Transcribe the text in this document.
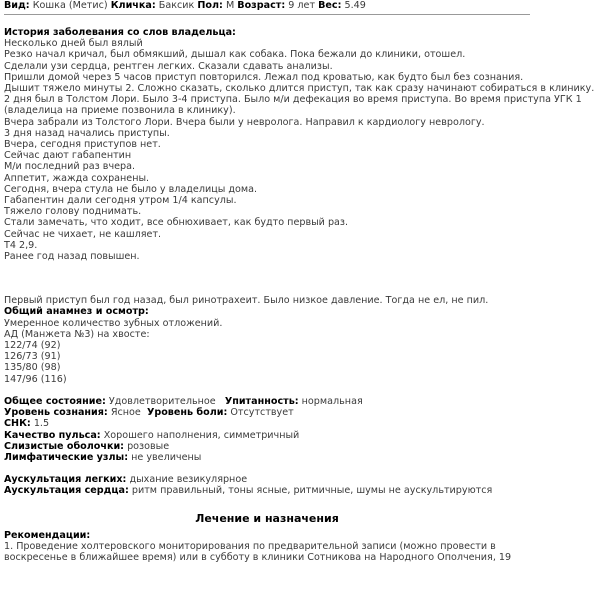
Вид: Кошка (Метис) Кличка: Баксик Пол: М Возраст: 9 лет Вес: 5.49
История заболевания со слов владельца:
Несколько дней был вялый
Резко начал кричал, был обмякший, дышал как собака. Пока бежали до клиники, отошел.
Сделали узи сердца, рентген легких. Сказали сдавать анализы.
Пришли домой через 5 часов приступ повторился. Лежал под кроватью, как будто был без сознания.
Дышит тяжело минуты 2. Сложно сказать, сколько длится приступ, так как сразу начинают собираться в клинику.
2 дня был в Толстом Лори. Было 3-4 приступа. Было м/и дефекация во время приступа. Во время приступа УГК 1
(владелица на приеме позвонила в клинику).
Вчера забрали из Толстого Лори. Вчера были у невролога. Направил к кардиологу неврологу.
3 дня назад начались приступы.
Вчера, сегодня приступов нет.
Сейчас дают габапентин
М/и последний раз вчера.
Аппетит, жажда сохранены.
Сегодня, вчера стула не было у владелицы дома.
Габапентин дали сегодня утром 1/4 капсулы.
Тяжело голову поднимать.
Стали замечать, что ходит, все обнюхивает, как будто первый раз.
Сейчас не чихает, не кашляет.
Т4 2,9.
Ранее год назад повышен.
Первый приступ был год назад, был ринотрахеит. Было низкое давление. Тогда не ел, не пил.
Общий анамнез и осмотр:
Умеренное количество зубных отложений.
АД (Манжета №3) на хвосте:
122/74 (92)
126/73 (91)
135/80 (98)
147/96 (116)
Общее состояние: Удовлетворительное Упитанность: нормальная
Уровень сознания: Ясное Уровень боли: Отсутствует
СНК: 1.5
Качество пульса: Хорошего наполнения, симметричный
Слизистые оболочки: розовые
Лимфатические узлы: не увеличены
Аускультация легких: дыхание везикулярное
Аускультация сердца: ритм правильный, тоны ясные, ритмичные, шумы не аускультируются
Лечение и назначения
Рекомендации:
1. Проведение холтеровского мониторирования по предварительной записи (можно провести в воскресенье в ближайшее время) или в субботу в клиники Сотникова на Народного Ополчения, 19
